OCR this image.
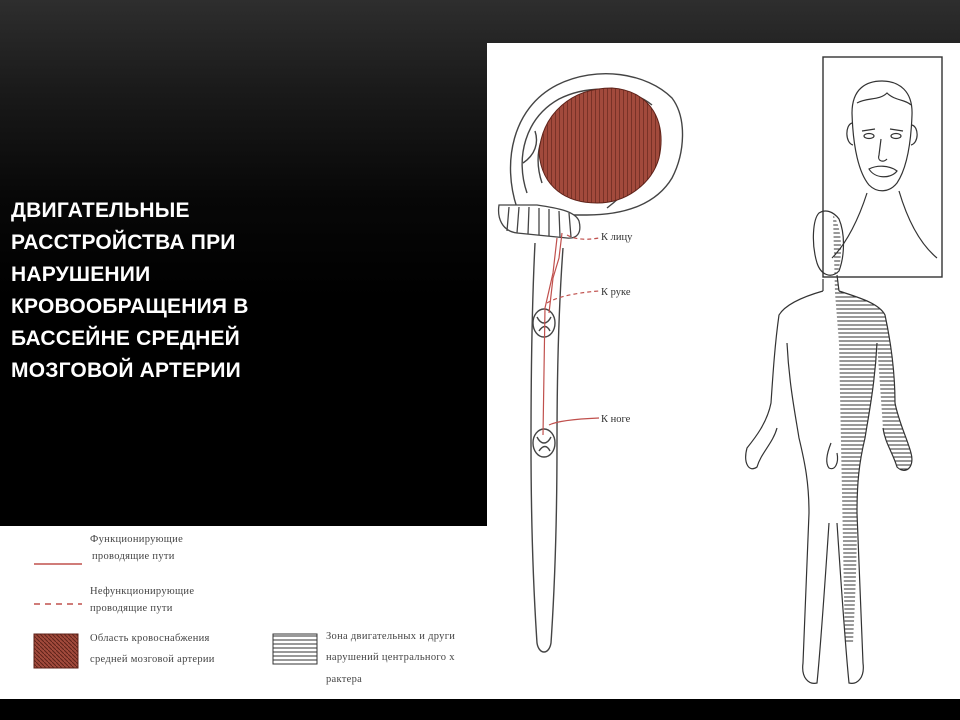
ДВИГАТЕЛЬНЫЕ
РАССТРОЙСТВА ПРИ
НАРУШЕНИИ
КРОВООБРАЩЕНИЯ В
БАССЕЙНЕ СРЕДНЕЙ
МОЗГОВОЙ АРТЕРИИ
К лицу
К руке
К ноге
Функционирующие
проводящие пути
Нефункционирующие
проводящие пути
Область кровоснабжения
средней мозговой артерии
Зона двигательных и други
нарушений центрального х
рактера
